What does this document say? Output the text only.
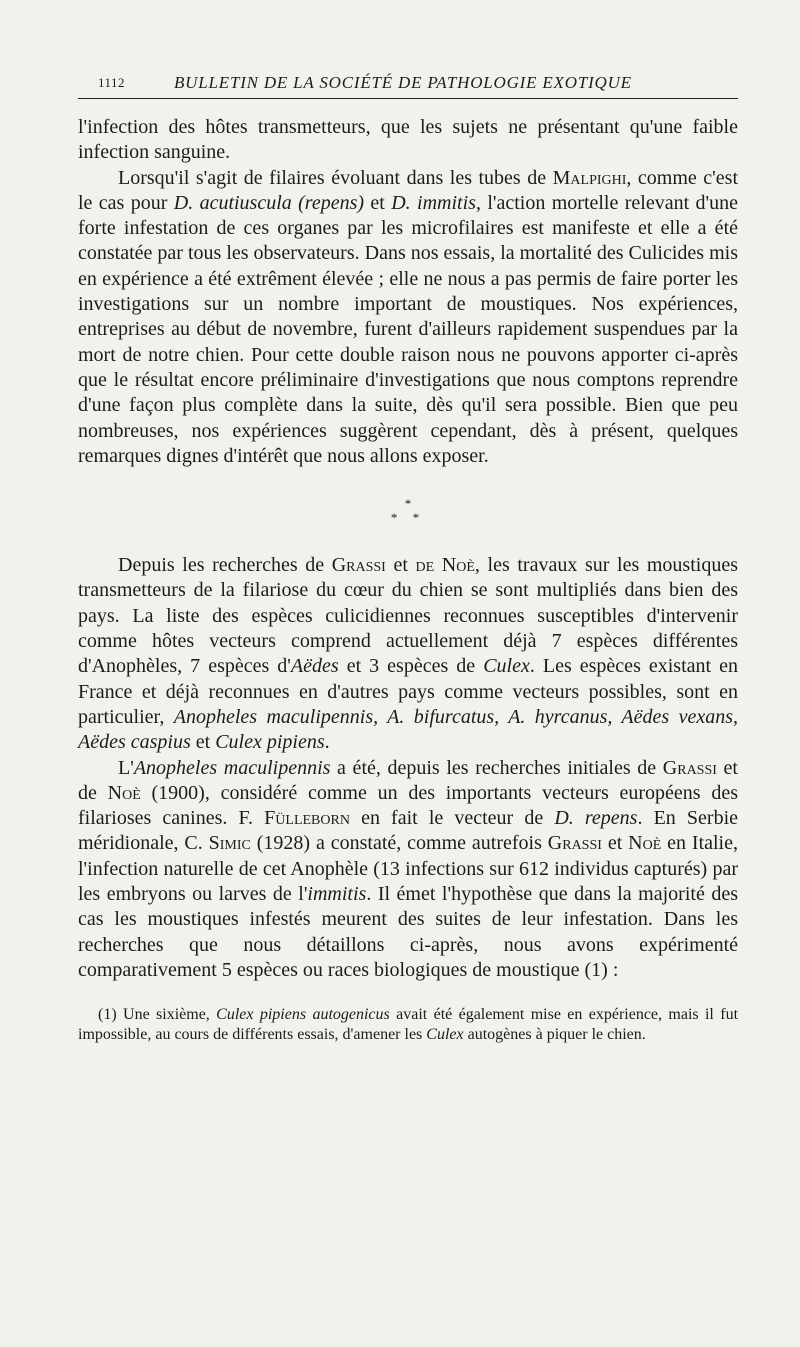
1112	BULLETIN DE LA SOCIÉTÉ DE PATHOLOGIE EXOTIQUE

l'infection des hôtes transmetteurs, que les sujets ne présentant qu'une faible infection sanguine.

Lorsqu'il s'agit de filaires évoluant dans les tubes de Malpighi, comme c'est le cas pour D. acutiuscula (repens) et D. immitis, l'action mortelle relevant d'une forte infestation de ces organes par les microfilaires est manifeste et elle a été constatée par tous les observateurs. Dans nos essais, la mortalité des Culicides mis en expérience a été extrêment élevée ; elle ne nous a pas permis de faire porter les investigations sur un nombre important de moustiques. Nos expériences, entreprises au début de novembre, furent d'ailleurs rapidement suspendues par la mort de notre chien. Pour cette double raison nous ne pouvons apporter ci-après que le résultat encore préliminaire d'investigations que nous comptons reprendre d'une façon plus complète dans la suite, dès qu'il sera possible. Bien que peu nombreuses, nos expériences suggèrent cependant, dès à présent, quelques remarques dignes d'intérêt que nous allons exposer.

*
* *

Depuis les recherches de Grassi et de Noè, les travaux sur les moustiques transmetteurs de la filariose du cœur du chien se sont multipliés dans bien des pays. La liste des espèces culicidiennes reconnues susceptibles d'intervenir comme hôtes vecteurs comprend actuellement déjà 7 espèces différentes d'Anophèles, 7 espèces d'Aëdes et 3 espèces de Culex. Les espèces existant en France et déjà reconnues en d'autres pays comme vecteurs possibles, sont en particulier, Anopheles maculipennis, A. bifurcatus, A. hyrcanus, Aëdes vexans, Aëdes caspius et Culex pipiens.

L'Anopheles maculipennis a été, depuis les recherches initiales de Grassi et de Noè (1900), considéré comme un des importants vecteurs européens des filarioses canines. F. Fülleborn en fait le vecteur de D. repens. En Serbie méridionale, C. Simic (1928) a constaté, comme autrefois Grassi et Noè en Italie, l'infection naturelle de cet Anophèle (13 infections sur 612 individus capturés) par les embryons ou larves de l'immitis. Il émet l'hypothèse que dans la majorité des cas les moustiques infestés meurent des suites de leur infestation. Dans les recherches que nous détaillons ci-après, nous avons expérimenté comparativement 5 espèces ou races biologiques de moustique (1) :

(1) Une sixième, Culex pipiens autogenicus avait été également mise en expérience, mais il fut impossible, au cours de différents essais, d'amener les Culex autogènes à piquer le chien.
